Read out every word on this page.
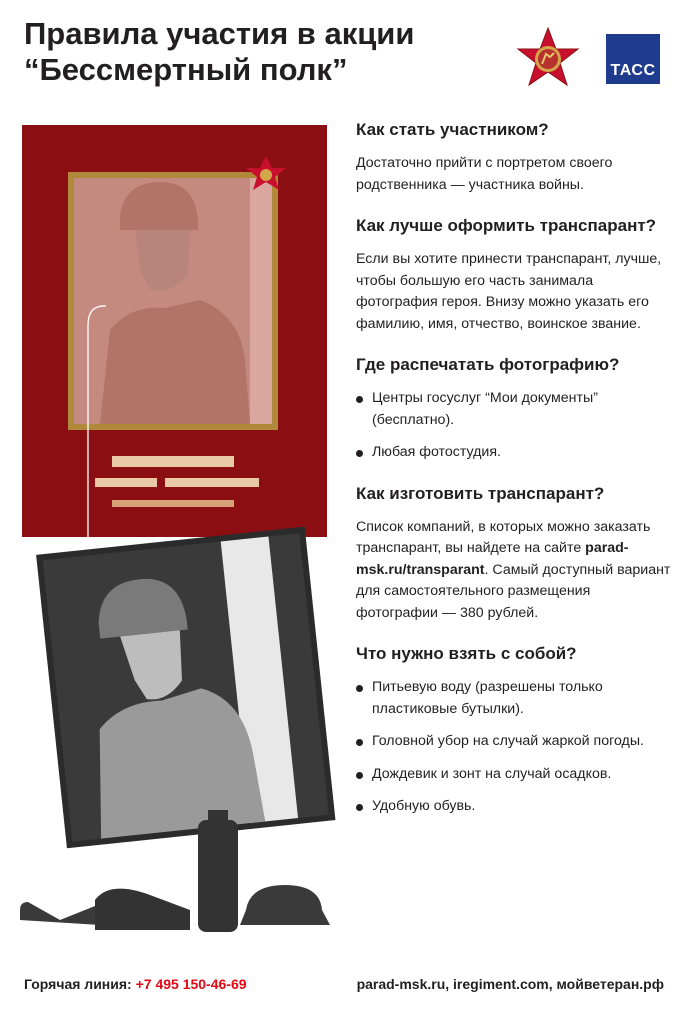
Правила участия в акции
“Бессмертный полк”	ТАСС
Как стать участником?

Достаточно прийти с портретом своего родственника — участника войны.

Как лучше оформить транспарант?

Если вы хотите принести транспарант, лучше, чтобы большую его часть занимала фотография героя. Внизу можно указать его фамилию, имя, отчество, воинское звание.

Где распечатать фотографию?
Центры госуслуг “Мои документы” (бесплатно).
Любая фотостудия.
Как изготовить транспарант?

Список компаний, в которых можно заказать транспарант, вы найдете на сайте parad-msk.ru/transparant. Самый доступный вариант для самостоятельного размещения фотографии — 380 рублей.

Что нужно взять с собой?
Питьевую воду (разрешены только пластиковые бутылки).
Головной убор на случай жаркой погоды.
Дождевик и зонт на случай осадков.
Удобную обувь.
Горячая линия: +7 495 150-46-69	parad-msk.ru, iregiment.com, мойветеран.рф
